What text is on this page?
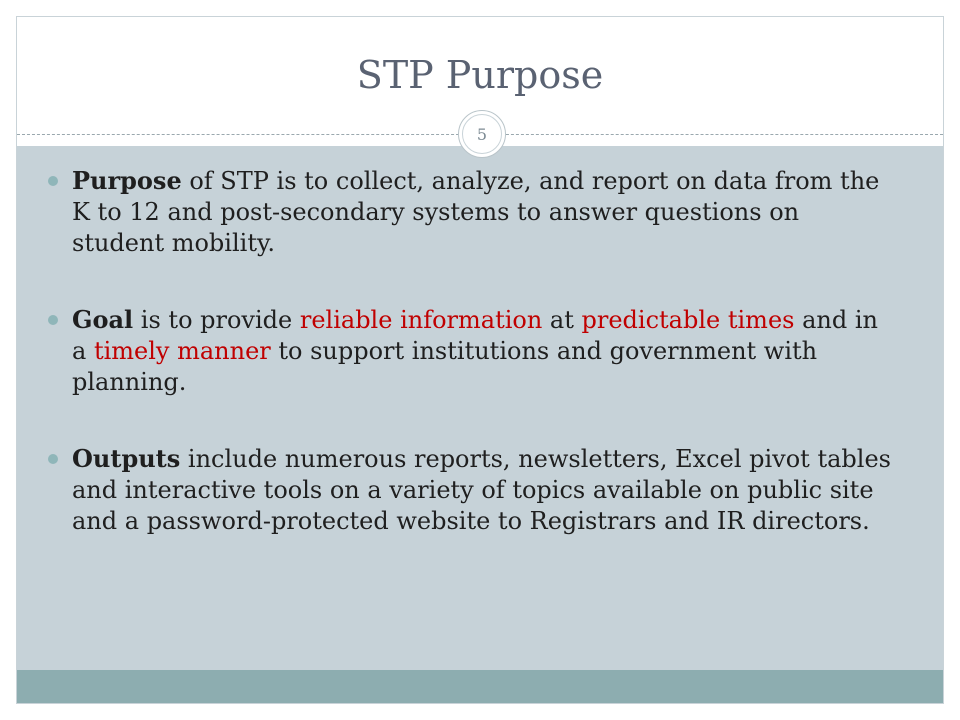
STP Purpose
5
Purpose of STP is to collect, analyze, and report on data from the K to 12 and post-secondary systems to answer questions on student mobility.
Goal is to provide reliable information at predictable times and in a timely manner to support institutions and government with planning.
Outputs include numerous reports, newsletters, Excel pivot tables and interactive tools on a variety of topics available on public site and a password-protected website to Registrars and IR directors.
